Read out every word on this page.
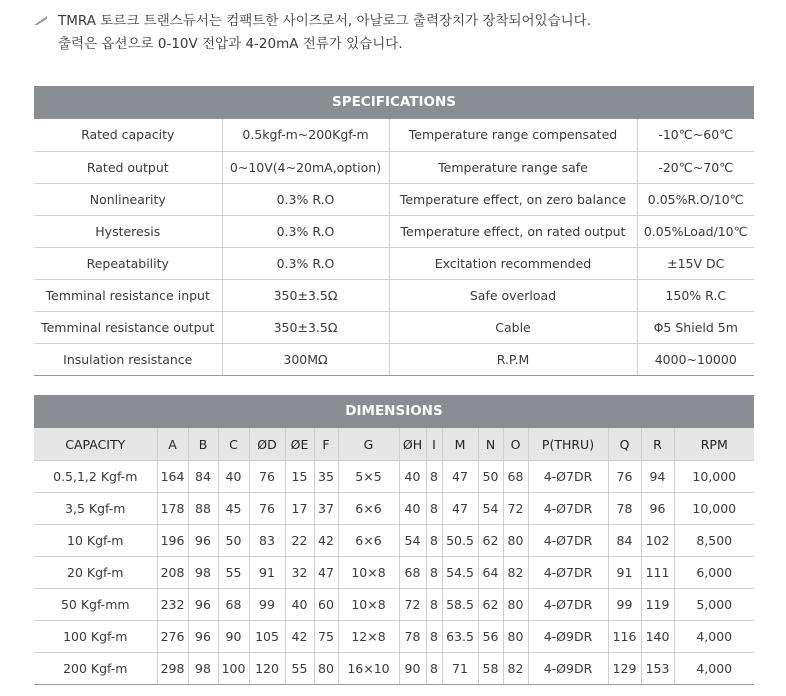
TMRA 토르크 트랜스듀서는 컴팩트한 사이즈로서, 아날로그 출력장치가 장착되어있습니다.
출력은 옵션으로 0-10V 전압과 4-20mA 전류가 있습니다.
SPECIFICATIONS
Rated capacity	0.5kgf-m~200Kgf-m	Temperature range compensated	-10℃~60℃
Rated output	0~10V(4~20mA,option)	Temperature range safe	-20℃~70℃
Nonlinearity	0.3% R.O	Temperature effect, on zero balance	0.05%R.O/10℃
Hysteresis	0.3% R.O	Temperature effect, on rated output	0.05%Load/10℃
Repeatability	0.3% R.O	Excitation recommended	±15V DC
Temminal resistance input	350±3.5Ω	Safe overload	150% R.C
Temminal resistance output	350±3.5Ω	Cable	Φ5 Shield 5m
Insulation resistance	300MΩ	R.P.M	4000~10000
DIMENSIONS
CAPACITY	A	B	C	ØD	ØE	F	G	ØH	I	M	N	O	P(THRU)	Q	R	RPM
0.5,1,2 Kgf-m	164	84	40	76	15	35	5×5	40	8	47	50	68	4-Ø7DR	76	94	10,000
3,5 Kgf-m	178	88	45	76	17	37	6×6	40	8	47	54	72	4-Ø7DR	78	96	10,000
10 Kgf-m	196	96	50	83	22	42	6×6	54	8	50.5	62	80	4-Ø7DR	84	102	8,500
20 Kgf-m	208	98	55	91	32	47	10×8	68	8	54.5	64	82	4-Ø7DR	91	111	6,000
50 Kgf-mm	232	96	68	99	40	60	10×8	72	8	58.5	62	80	4-Ø7DR	99	119	5,000
100 Kgf-m	276	96	90	105	42	75	12×8	78	8	63.5	56	80	4-Ø9DR	116	140	4,000
200 Kgf-m	298	98	100	120	55	80	16×10	90	8	71	58	82	4-Ø9DR	129	153	4,000
